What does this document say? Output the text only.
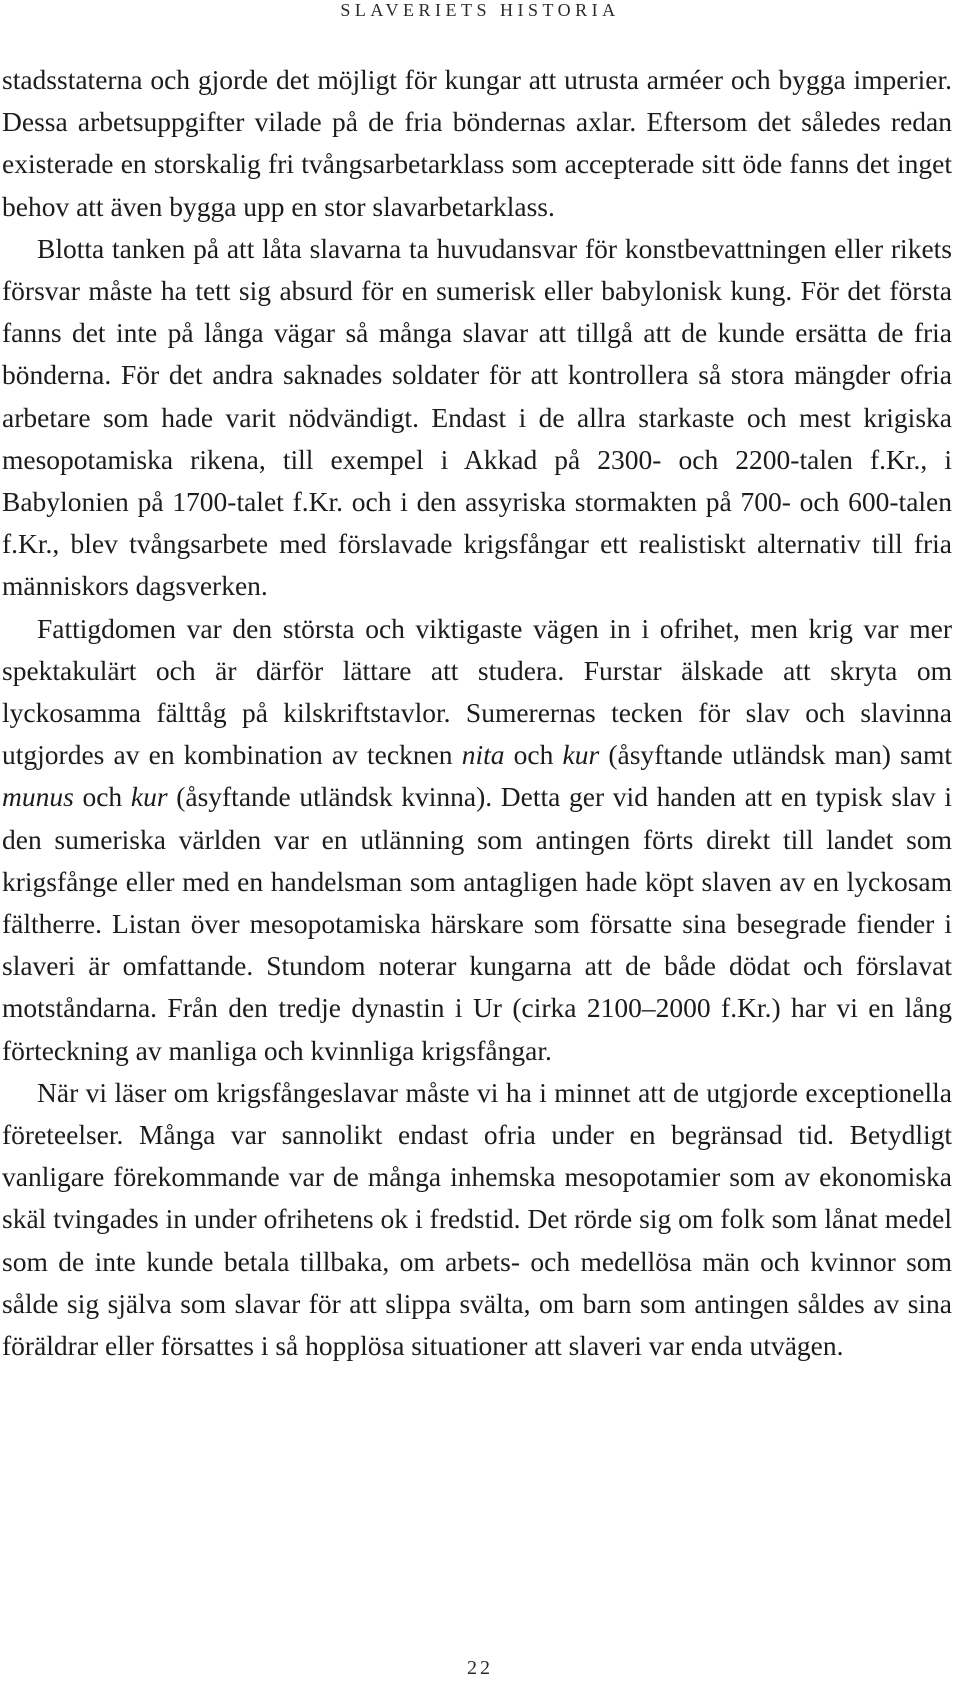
SLAVERIETS HISTORIA

stadsstaterna och gjorde det möjligt för kungar att utrusta arméer och bygga imperier. Dessa arbetsuppgifter vilade på de fria böndernas axlar. Eftersom det således redan existerade en storskalig fri tvångsarbetarklass som accepterade sitt öde fanns det inget behov att även bygga upp en stor slavarbetarklass.

Blotta tanken på att låta slavarna ta huvudansvar för konstbevattningen eller rikets försvar måste ha tett sig absurd för en sumerisk eller babylonisk kung. För det första fanns det inte på långa vägar så många slavar att tillgå att de kunde ersätta de fria bönderna. För det andra saknades soldater för att kontrollera så stora mängder ofria arbetare som hade varit nödvändigt. Endast i de allra starkaste och mest krigiska mesopotamiska rikena, till exempel i Akkad på 2300- och 2200-talen f.Kr., i Babylonien på 1700-talet f.Kr. och i den assyriska stormakten på 700- och 600-talen f.Kr., blev tvångsarbete med förslavade krigsfångar ett realistiskt alternativ till fria människors dagsverken.

Fattigdomen var den största och viktigaste vägen in i ofrihet, men krig var mer spektakulärt och är därför lättare att studera. Furstar älskade att skryta om lyckosamma fälttåg på kilskriftstavlor. Sumerernas tecken för slav och slavinna utgjordes av en kombination av tecknen nita och kur (åsyftande utländsk man) samt munus och kur (åsyftande utländsk kvinna). Detta ger vid handen att en typisk slav i den sumeriska världen var en utlänning som antingen förts direkt till landet som krigsfånge eller med en handelsman som antagligen hade köpt slaven av en lyckosam fältherre. Listan över mesopotamiska härskare som försatte sina besegrade fiender i slaveri är omfattande. Stundom noterar kungarna att de både dödat och förslavat motståndarna. Från den tredje dynastin i Ur (cirka 2100–2000 f.Kr.) har vi en lång förteckning av manliga och kvinnliga krigsfångar.

När vi läser om krigsfångeslavar måste vi ha i minnet att de utgjorde exceptionella företeelser. Många var sannolikt endast ofria under en begränsad tid. Betydligt vanligare förekommande var de många inhemska mesopotamier som av ekonomiska skäl tvingades in under ofrihetens ok i fredstid. Det rörde sig om folk som lånat medel som de inte kunde betala tillbaka, om arbets- och medellösa män och kvinnor som sålde sig själva som slavar för att slippa svälta, om barn som antingen såldes av sina föräldrar eller försattes i så hopplösa situationer att slaveri var enda utvägen.

22
